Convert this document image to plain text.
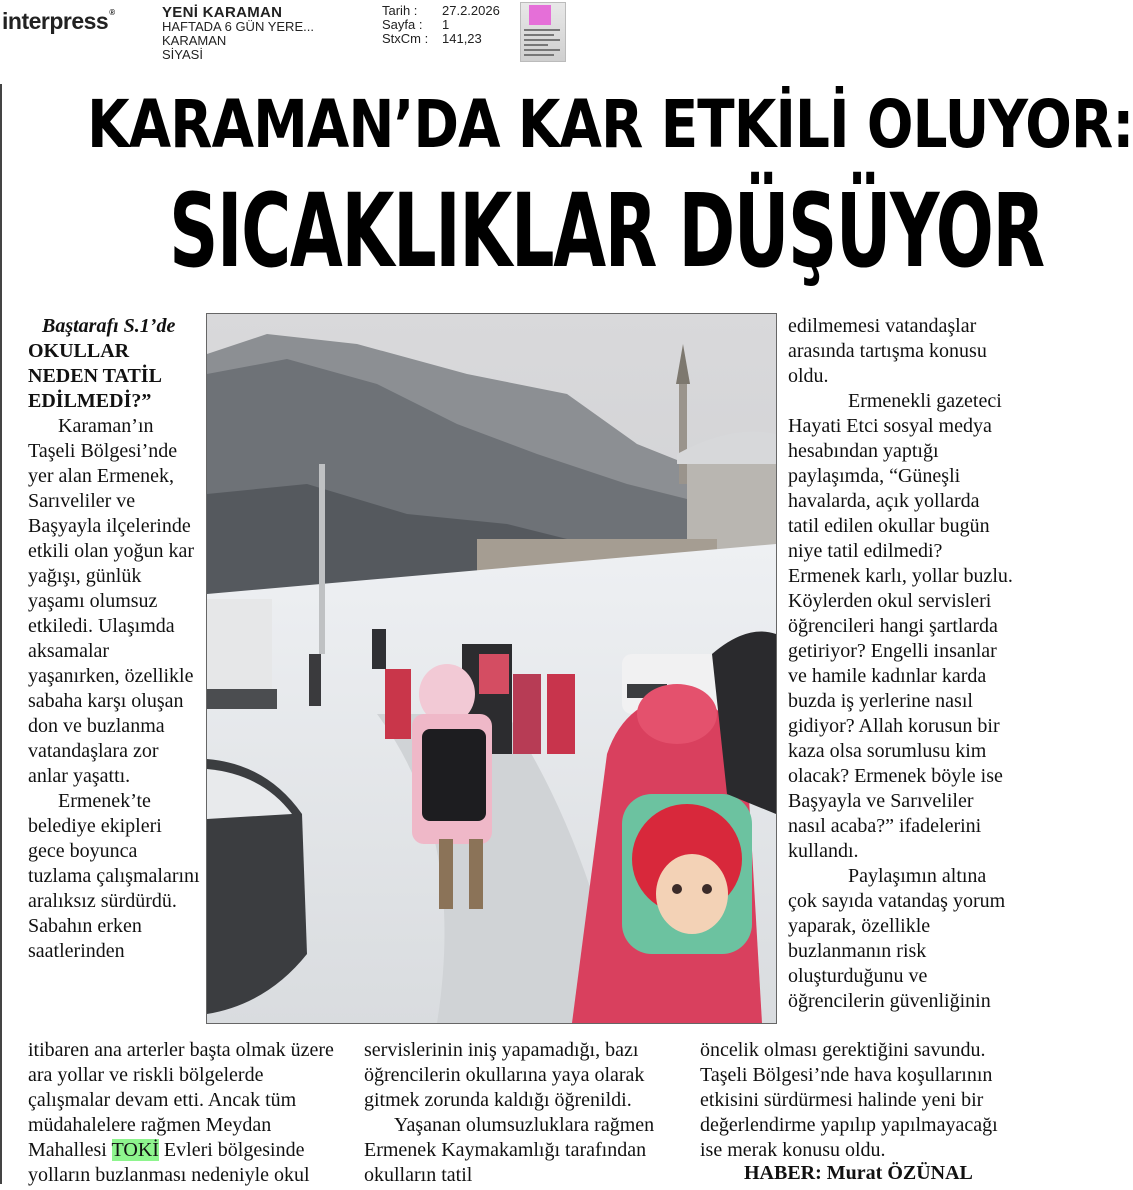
interpress®	YENİ KARAMAN
HAFTADA 6 GÜN YERE...
KARAMAN
SİYASİ
Tarih :	27.2.2026
Sayfa :	1
StxCm :	141,23
KARAMAN’DA KAR ETKİLİ OLUYOR:
SICAKLIKLAR DÜŞÜYOR

Baştarafı S.1’de

OKULLAR NEDEN TATİL EDİLMEDİ?”

Karaman’ın Taşeli Bölgesi’nde yer alan Ermenek, Sarıveliler ve Başyayla ilçelerinde etkili olan yoğun kar yağışı, günlük yaşamı olumsuz etkiledi. Ulaşımda aksamalar yaşanırken, özellikle sabaha karşı oluşan don ve buzlanma vatandaşlara zor anlar yaşattı.

Ermenek’te belediye ekipleri gece boyunca tuzlama çalışmalarını aralıksız sürdürdü. Sabahın erken saatlerinden

edilmemesi vatandaşlar arasında tartışma konusu oldu.

Ermenekli gazeteci Hayati Etci sosyal medya hesabından yaptığı paylaşımda, “Güneşli havalarda, açık yollarda tatil edilen okullar bugün niye tatil edilmedi? Ermenek karlı, yollar buzlu. Köylerden okul servisleri öğrencileri hangi şartlarda getiriyor? Engelli insanlar ve hamile kadınlar karda buzda iş yerlerine nasıl gidiyor? Allah korusun bir kaza olsa sorumlusu kim olacak? Ermenek böyle ise Başyayla ve Sarıveliler nasıl acaba?” ifadelerini kullandı.

Paylaşımın altına çok sayıda vatandaş yorum yaparak, özellikle buzlanmanın risk oluşturduğunu ve öğrencilerin güvenliğinin

itibaren ana arterler başta olmak üzere ara yollar ve riskli bölgelerde çalışmalar devam etti. Ancak tüm müdahalelere rağmen Meydan Mahallesi TOKİ Evleri bölgesinde yolların buzlanması nedeniyle okul

servislerinin iniş yapamadığı, bazı öğrencilerin okullarına yaya olarak gitmek zorunda kaldığı öğrenildi.

Yaşanan olumsuzluklara rağmen Ermenek Kaymakamlığı tarafından okulların tatil

öncelik olması gerektiğini savundu. Taşeli Bölgesi’nde hava koşullarının etkisini sürdürmesi halinde yeni bir değerlendirme yapılıp yapılmayacağı ise merak konusu oldu.

HABER: Murat ÖZÜNAL
